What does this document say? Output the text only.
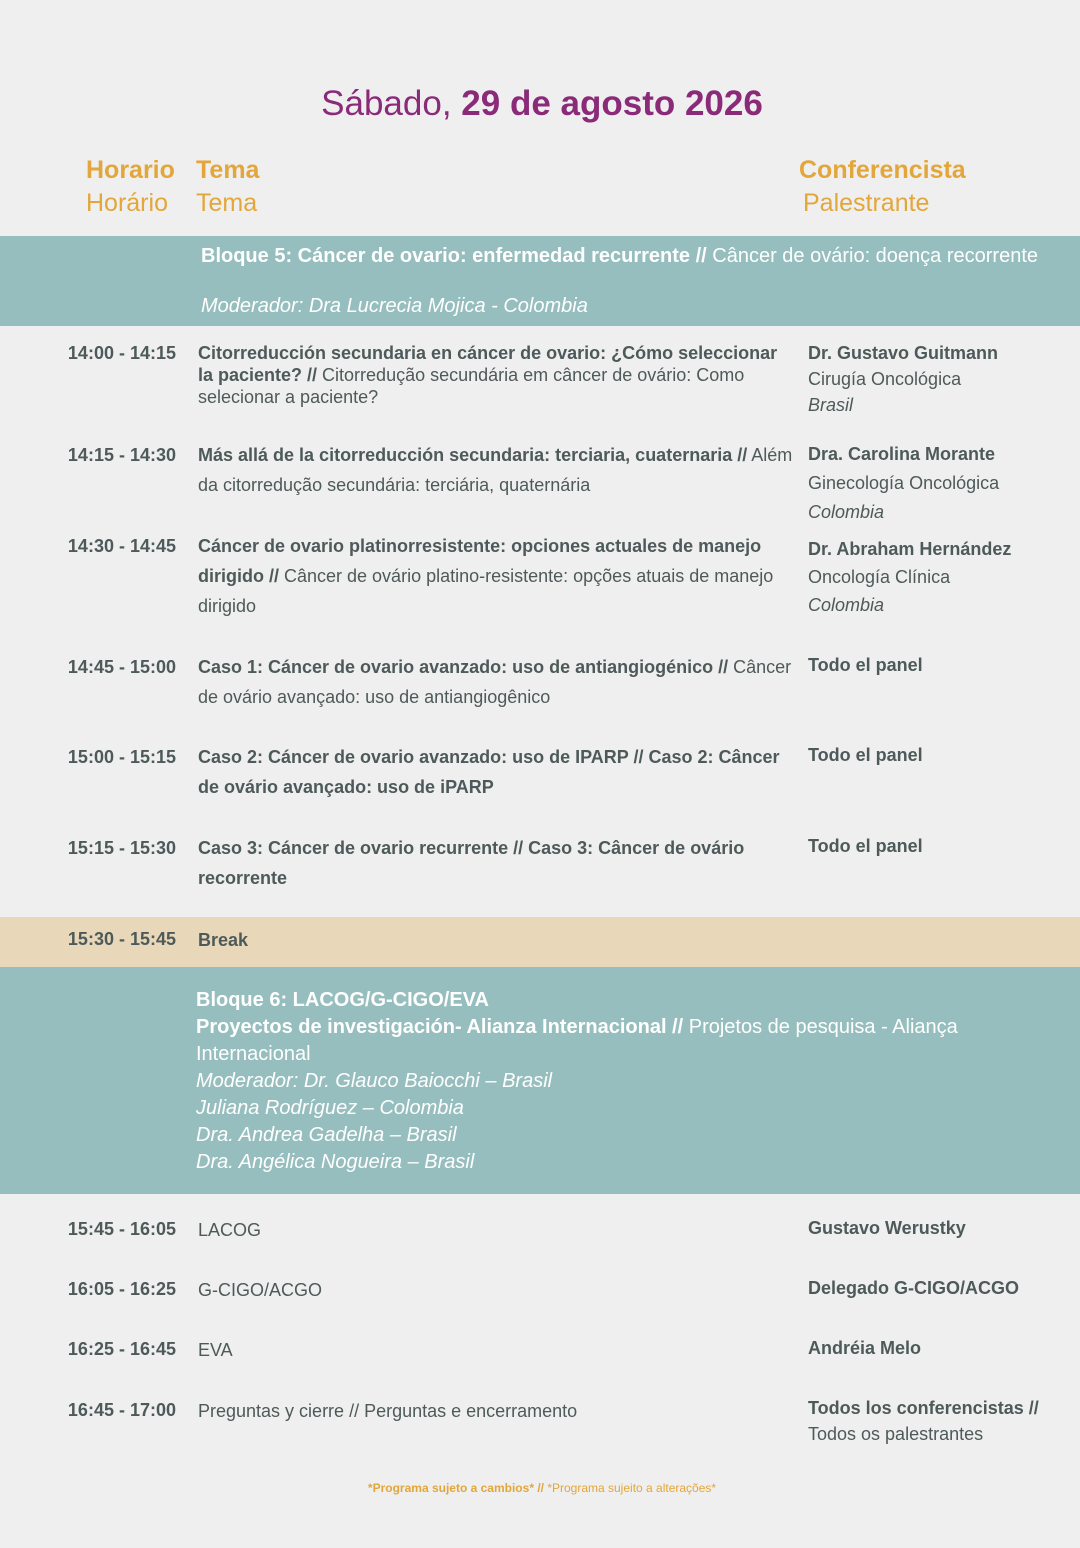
Sábado, 29 de agosto 2026
Horario
Horário
Tema
Tema
Conferencista
Palestrante
Bloque 5: Cáncer de ovario: enfermedad recurrente // Câncer de ovário: doença recorrente
Moderador: Dra Lucrecia Mojica - Colombia
14:00 - 14:15 Citorreducción secundaria en cáncer de ovario: ¿Cómo seleccionar la paciente? // Citorredução secundária em câncer de ovário: Como selecionar a paciente?
Dr. Gustavo Guitmann
Cirugía Oncológica
Brasil
14:15 - 14:30 Más allá de la citorreducción secundaria: terciaria, cuaternaria // Além da citorredução secundária: terciária, quaternária
Dra. Carolina Morante
Ginecología Oncológica
Colombia
14:30 - 14:45 Cáncer de ovario platinorresistente: opciones actuales de manejo dirigido // Câncer de ovário platino-resistente: opções atuais de manejo dirigido
Dr. Abraham Hernández
Oncología Clínica
Colombia
14:45 - 15:00 Caso 1: Cáncer de ovario avanzado: uso de antiangiogénico // Câncer de ovário avançado: uso de antiangiogênico
Todo el panel
15:00 - 15:15 Caso 2: Cáncer de ovario avanzado: uso de IPARP // Caso 2: Câncer de ovário avançado: uso de iPARP
Todo el panel
15:15 - 15:30 Caso 3: Cáncer de ovario recurrente // Caso 3: Câncer de ovário recorrente
Todo el panel
15:30 - 15:45 Break
Bloque 6: LACOG/G-CIGO/EVA
Proyectos de investigación- Alianza Internacional // Projetos de pesquisa - Aliança Internacional
Moderador: Dr. Glauco Baiocchi – Brasil
Juliana Rodríguez – Colombia
Dra. Andrea Gadelha – Brasil
Dra. Angélica Nogueira – Brasil
15:45 - 16:05 LACOG	Gustavo Werustky
16:05 - 16:25 G-CIGO/ACGO	Delegado G-CIGO/ACGO
16:25 - 16:45 EVA	Andréia Melo
16:45 - 17:00 Preguntas y cierre // Perguntas e encerramento	Todos los conferencistas //
Todos os palestrantes
*Programa sujeto a cambios* // *Programa sujeito a alterações*
